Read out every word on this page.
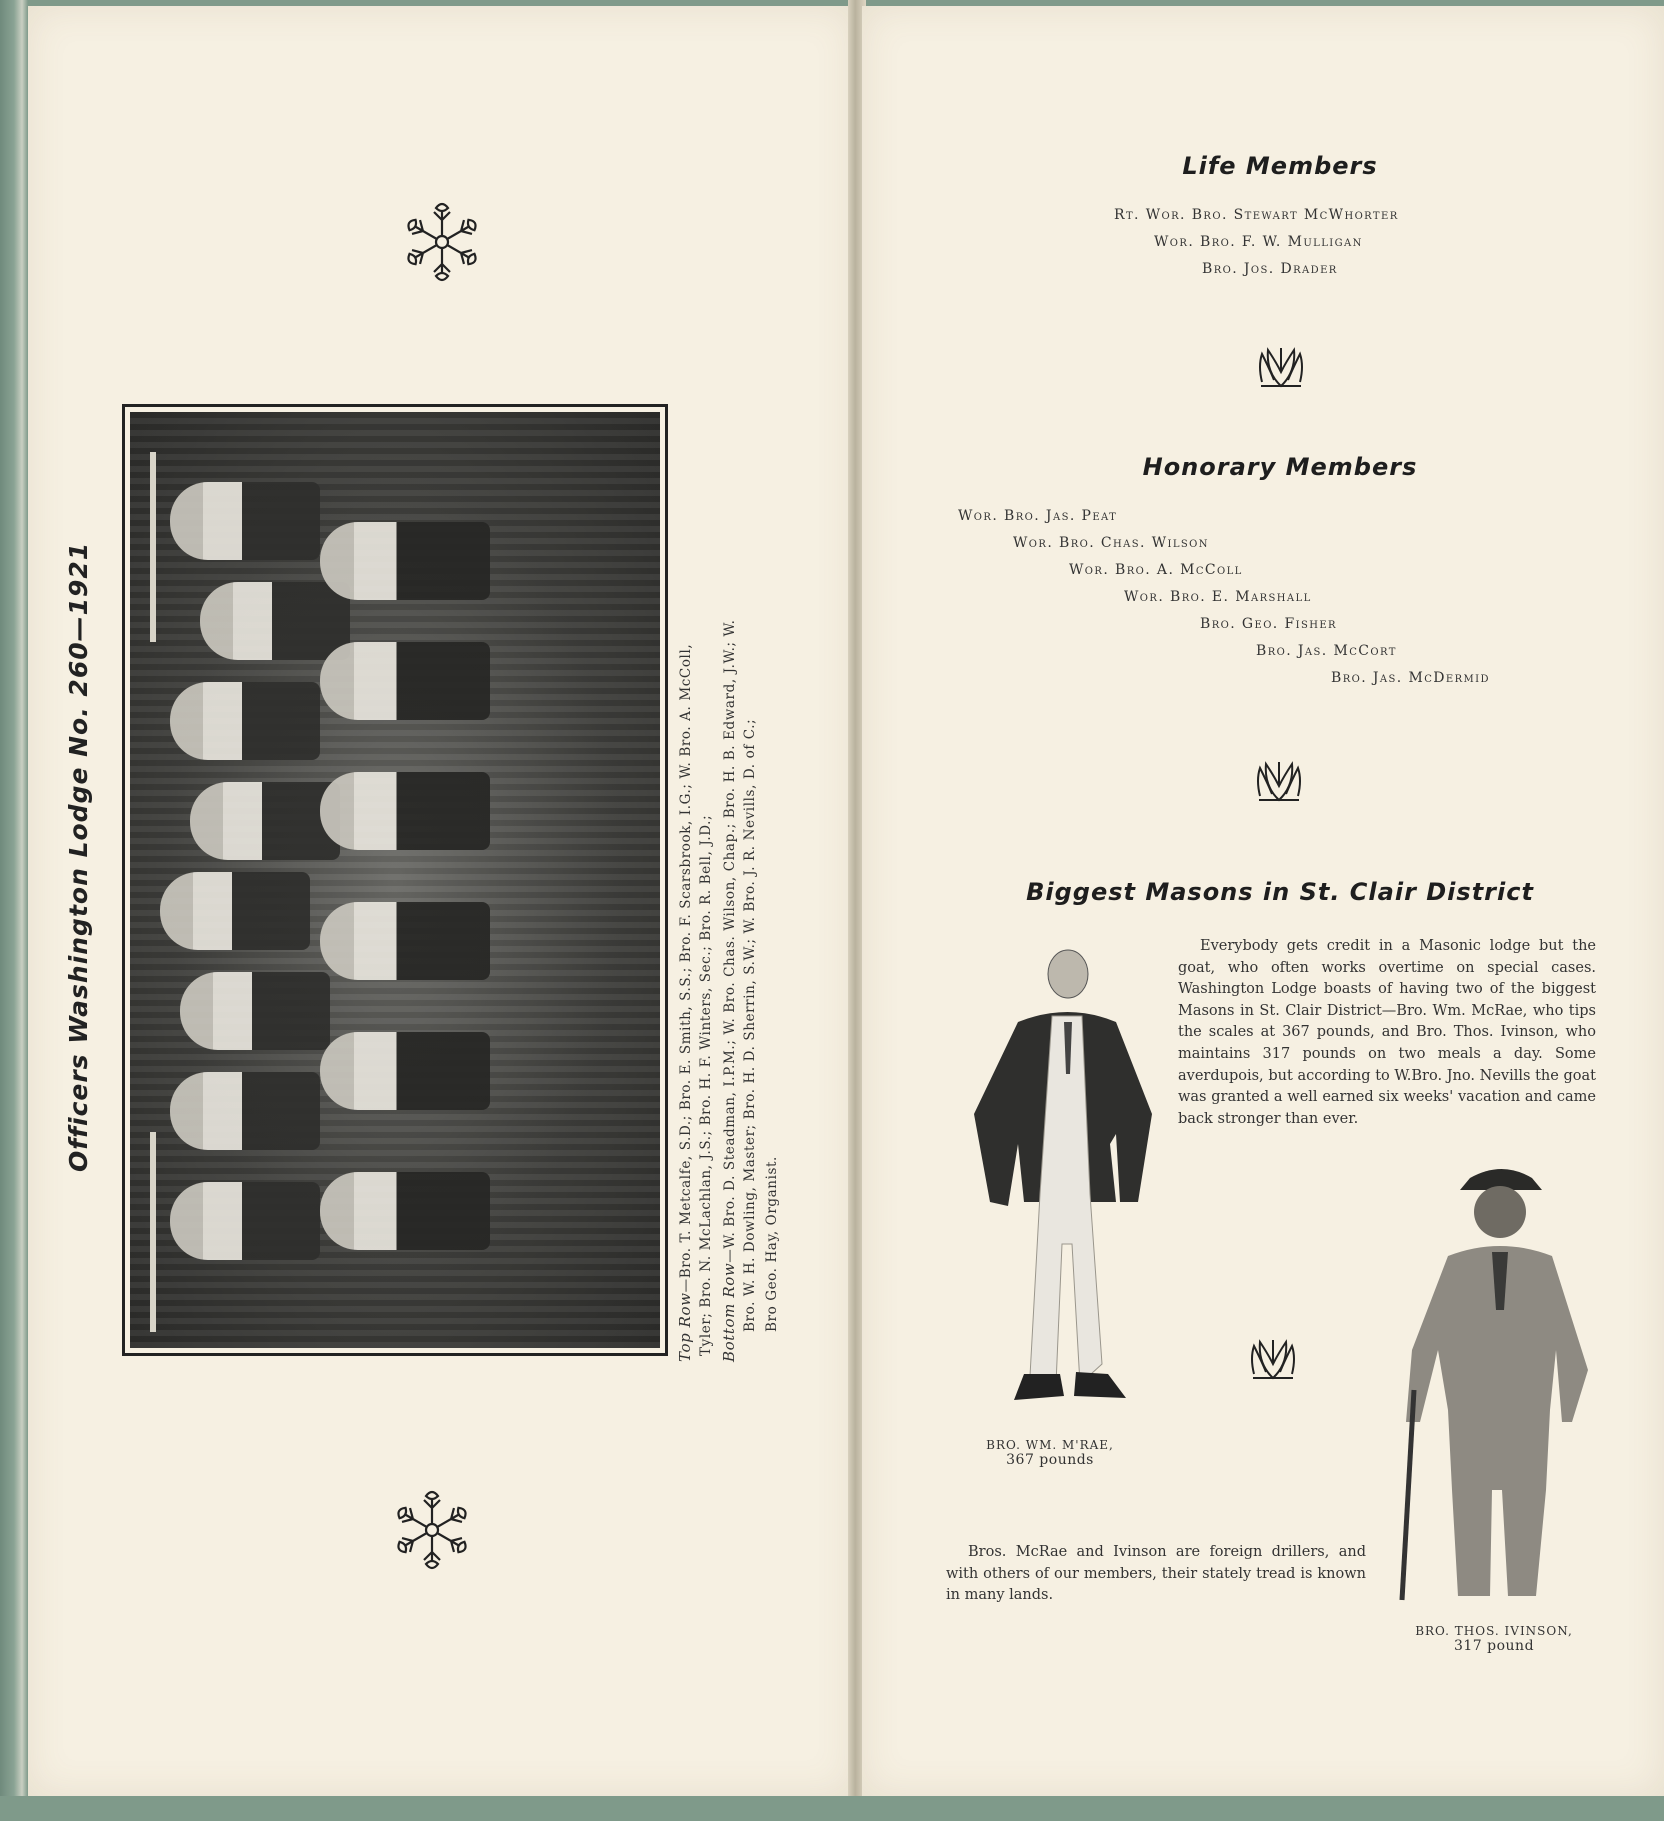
Officers Washington Lodge No. 260—1921
Top Row—Bro. T. Metcalfe, S.D.; Bro. E. Smith, S.S.; Bro. F. Scarsbrook, I.G.; W. Bro. A. McColl, Tyler; Bro. N. McLachlan, J.S.; Bro. H. F. Winters, Sec.; Bro. R. Bell, J.D.; Bottom Row—W. Bro. D. Steadman, I.P.M.; W. Bro. Chas. Wilson, Chap.; Bro. H. B. Edward, J.W.; W. Bro. W. H. Dowling, Master; Bro. H. D. Sherrin, S.W.; W. Bro. J. R. Nevills, D. of C.; Bro Geo. Hay, Organist.
Life Members
Rt. Wor. Bro. Stewart McWhorter
Wor. Bro. F. W. Mulligan
Bro. Jos. Drader
Honorary Members
Wor. Bro. Jas. Peat
Wor. Bro. Chas. Wilson
Wor. Bro. A. McColl
Wor. Bro. E. Marshall
Bro. Geo. Fisher
Bro. Jas. McCort
Bro. Jas. McDermid
Biggest Masons in St. Clair District
Everybody gets credit in a Masonic lodge but the goat, who often works overtime on special cases. Washington Lodge boasts of having two of the biggest Masons in St. Clair District—Bro. Wm. McRae, who tips the scales at 367 pounds, and Bro. Thos. Ivinson, who maintains 317 pounds on two meals a day. Some averdupois, but according to W.Bro. Jno. Nevills the goat was granted a well earned six weeks' vacation and came back stronger than ever.
BRO. WM. M'RAE,
367 pounds
BRO. THOS. IVINSON,
317 pound
Bros. McRae and Ivinson are foreign drillers, and with others of our members, their stately tread is known in many lands.
